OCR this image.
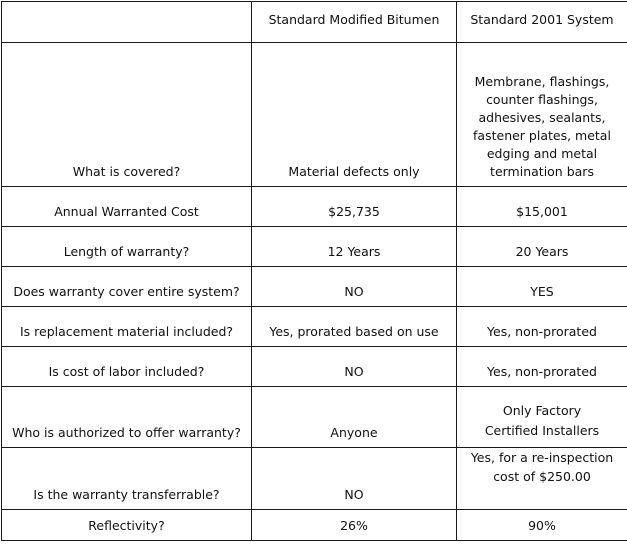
	Standard Modified Bitumen	Standard 2001 System
What is covered?	Material defects only	Membrane, flashings, counter flashings, adhesives, sealants, fastener plates, metal edging and metal termination bars
Annual Warranted Cost	$25,735	$15,001
Length of warranty?	12 Years	20 Years
Does warranty cover entire system?	NO	YES
Is replacement material included?	Yes, prorated based on use	Yes, non-prorated
Is cost of labor included?	NO	Yes, non-prorated
Who is authorized to offer warranty?	Anyone	Only Factory Certified Installers
Is the warranty transferrable?	NO	Yes, for a re-inspection cost of $250.00
Reflectivity?	26%	90%
